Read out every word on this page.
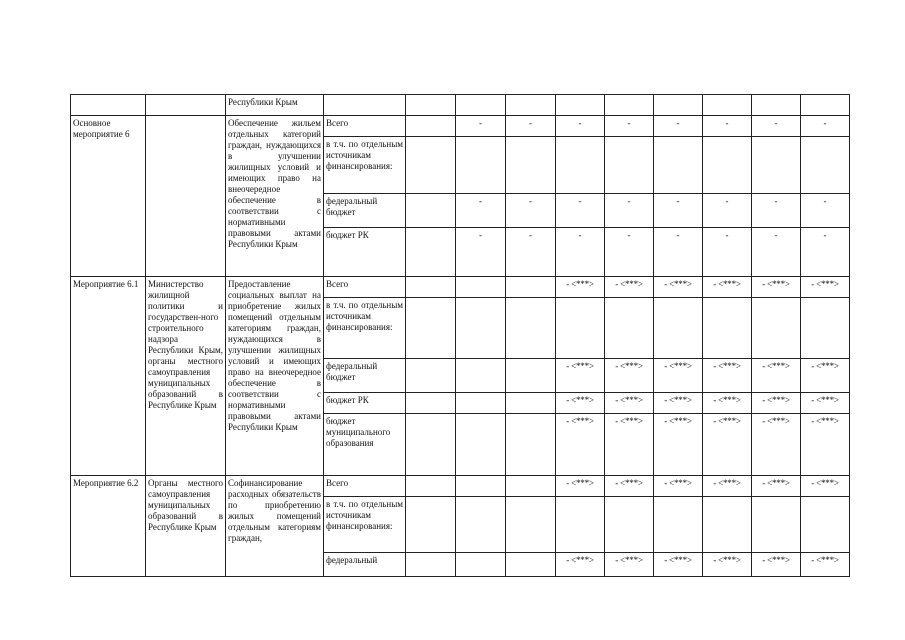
		Республики Крым										
Основное мероприятие 6		Обеспечение жильем отдельных категорий граждан, нуждающихся в улучшении жилищных условий и имеющих право на внеочередное обеспечение в соответствии с нормативными правовыми актами Республики Крым	Всего		-	-	-	-	-	-	-	-
			в т.ч. по отдельным источникам финансирования:									
			федеральный бюджет		-	-	-	-	-	-	-	-
			бюджет РК		-	-	-	-	-	-	-	-
Мероприятие 6.1	Министерство жилищной политики и государствен-ного строительного надзора Республики Крым, органы местного самоуправления муниципальных образований в Республике Крым	Предоставление социальных выплат на приобретение жилых помещений отдельным категориям граждан, нуждающихся в улучшении жилищных условий и имеющих право на внеочередное обеспечение в соответствии с нормативными правовыми актами Республики Крым	Всего				- <***>	- <***>	- <***>	- <***>	- <***>	- <***>
			в т.ч. по отдельным источникам финансирования:									
			федеральный бюджет				- <***>	- <***>	- <***>	- <***>	- <***>	- <***>
			бюджет РК				- <***>	- <***>	- <***>	- <***>	- <***>	- <***>
			бюджет муниципального образования				- <***>	- <***>	- <***>	- <***>	- <***>	- <***>
Мероприятие 6.2	Органы местного самоуправления муниципальных образований в Республике Крым	Софинансирование расходных обязательств по приобретению жилых помещений отдельным категориям граждан,	Всего				- <***>	- <***>	- <***>	- <***>	- <***>	- <***>
			в т.ч. по отдельным источникам финансирования:									
			федеральный				- <***>	- <***>	- <***>	- <***>	- <***>	- <***>
